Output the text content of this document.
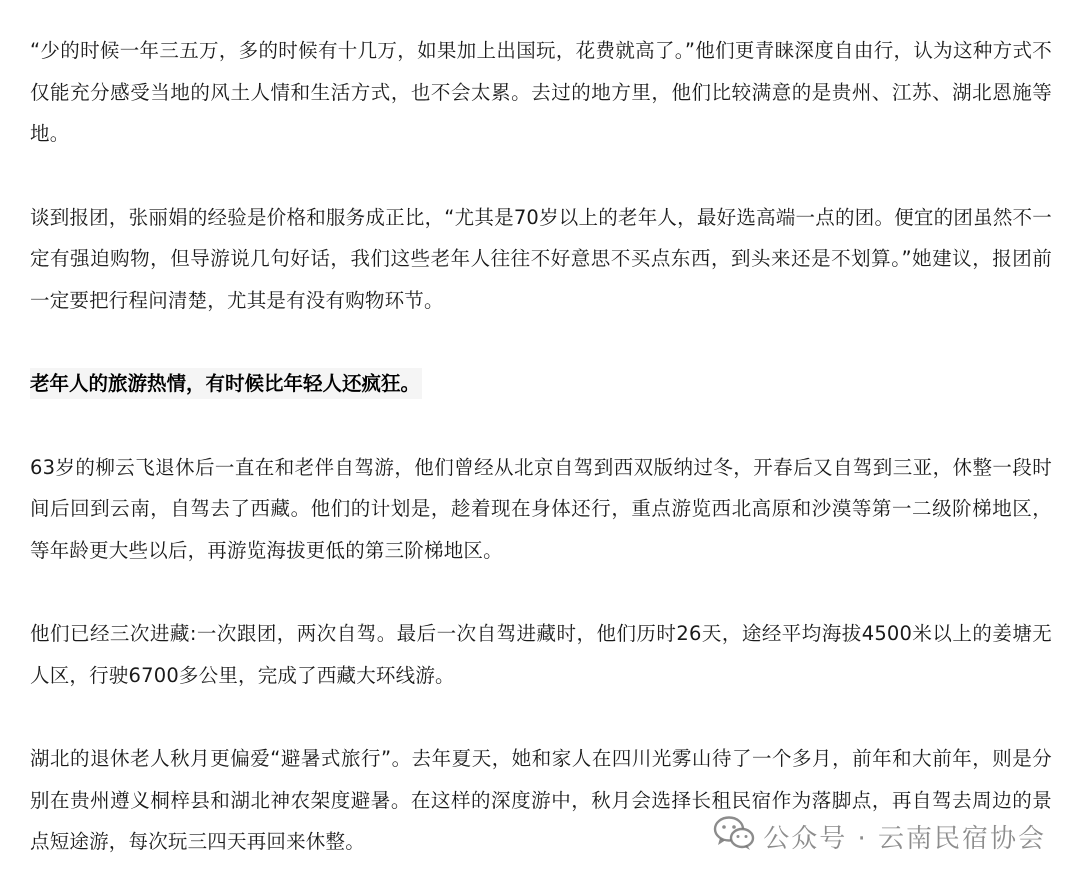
“少的时候一年三五万，多的时候有十几万，如果加上出国玩，花费就高了。”他们更青睐深度自由行，认为这种方式不仅能充分感受当地的风土人情和生活方式，也不会太累。去过的地方里，他们比较满意的是贵州、江苏、湖北恩施等地。

谈到报团，张丽娟的经验是价格和服务成正比，“尤其是70岁以上的老年人，最好选高端一点的团。便宜的团虽然不一定有强迫购物，但导游说几句好话，我们这些老年人往往不好意思不买点东西，到头来还是不划算。”她建议，报团前一定要把行程问清楚，尤其是有没有购物环节。

老年人的旅游热情，有时候比年轻人还疯狂。

63岁的柳云飞退休后一直在和老伴自驾游，他们曾经从北京自驾到西双版纳过冬，开春后又自驾到三亚，休整一段时间后回到云南，自驾去了西藏。他们的计划是，趁着现在身体还行，重点游览西北高原和沙漠等第一二级阶梯地区，等年龄更大些以后，再游览海拔更低的第三阶梯地区。

他们已经三次进藏:一次跟团，两次自驾。最后一次自驾进藏时，他们历时26天，途经平均海拔4500米以上的姜塘无人区，行驶6700多公里，完成了西藏大环线游。

湖北的退休老人秋月更偏爱“避暑式旅行”。去年夏天，她和家人在四川光雾山待了一个多月，前年和大前年，则是分别在贵州遵义桐梓县和湖北神农架度避暑。在这样的深度游中，秋月会选择长租民宿作为落脚点，再自驾去周边的景点短途游，每次玩三四天再回来休整。	公众号 · 云南民宿协会
